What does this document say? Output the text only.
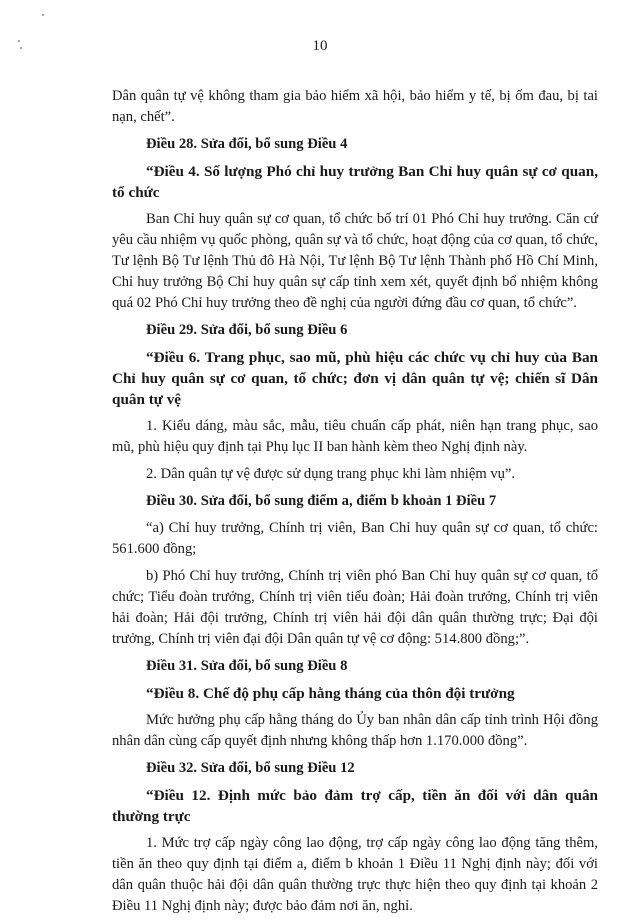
10

Dân quân tự vệ không tham gia bảo hiểm xã hội, bảo hiểm y tế, bị ốm đau, bị tai nạn, chết”.

Điều 28. Sửa đổi, bổ sung Điều 4

“Điều 4. Số lượng Phó chỉ huy trưởng Ban Chỉ huy quân sự cơ quan, tổ chức

Ban Chỉ huy quân sự cơ quan, tổ chức bố trí 01 Phó Chỉ huy trưởng. Căn cứ yêu cầu nhiệm vụ quốc phòng, quân sự và tổ chức, hoạt động của cơ quan, tổ chức, Tư lệnh Bộ Tư lệnh Thủ đô Hà Nội, Tư lệnh Bộ Tư lệnh Thành phố Hồ Chí Minh, Chỉ huy trưởng Bộ Chỉ huy quân sự cấp tỉnh xem xét, quyết định bổ nhiệm không quá 02 Phó Chỉ huy trưởng theo đề nghị của người đứng đầu cơ quan, tổ chức”.

Điều 29. Sửa đổi, bổ sung Điều 6

“Điều 6. Trang phục, sao mũ, phù hiệu các chức vụ chỉ huy của Ban Chỉ huy quân sự cơ quan, tổ chức; đơn vị dân quân tự vệ; chiến sĩ Dân quân tự vệ

1. Kiểu dáng, màu sắc, mẫu, tiêu chuẩn cấp phát, niên hạn trang phục, sao mũ, phù hiệu quy định tại Phụ lục II ban hành kèm theo Nghị định này.

2. Dân quân tự vệ được sử dụng trang phục khi làm nhiệm vụ”.

Điều 30. Sửa đổi, bổ sung điểm a, điểm b khoản 1 Điều 7

“a) Chỉ huy trưởng, Chính trị viên, Ban Chỉ huy quân sự cơ quan, tổ chức: 561.600 đồng;

b) Phó Chỉ huy trưởng, Chính trị viên phó Ban Chỉ huy quân sự cơ quan, tổ chức; Tiểu đoàn trưởng, Chính trị viên tiểu đoàn; Hải đoàn trưởng, Chính trị viên hải đoàn; Hải đội trưởng, Chính trị viên hải đội dân quân thường trực; Đại đội trưởng, Chính trị viên đại đội Dân quân tự vệ cơ động: 514.800 đồng;”.

Điều 31. Sửa đổi, bổ sung Điều 8

“Điều 8. Chế độ phụ cấp hằng tháng của thôn đội trưởng

Mức hưởng phụ cấp hằng tháng do Ủy ban nhân dân cấp tỉnh trình Hội đồng nhân dân cùng cấp quyết định nhưng không thấp hơn 1.170.000 đồng”.

Điều 32. Sửa đổi, bổ sung Điều 12

“Điều 12. Định mức bảo đảm trợ cấp, tiền ăn đối với dân quân thường trực

1. Mức trợ cấp ngày công lao động, trợ cấp ngày công lao động tăng thêm, tiền ăn theo quy định tại điểm a, điểm b khoản 1 Điều 11 Nghị định này; đối với dân quân thuộc hải đội dân quân thường trực thực hiện theo quy định tại khoản 2 Điều 11 Nghị định này; được bảo đảm nơi ăn, nghỉ.
